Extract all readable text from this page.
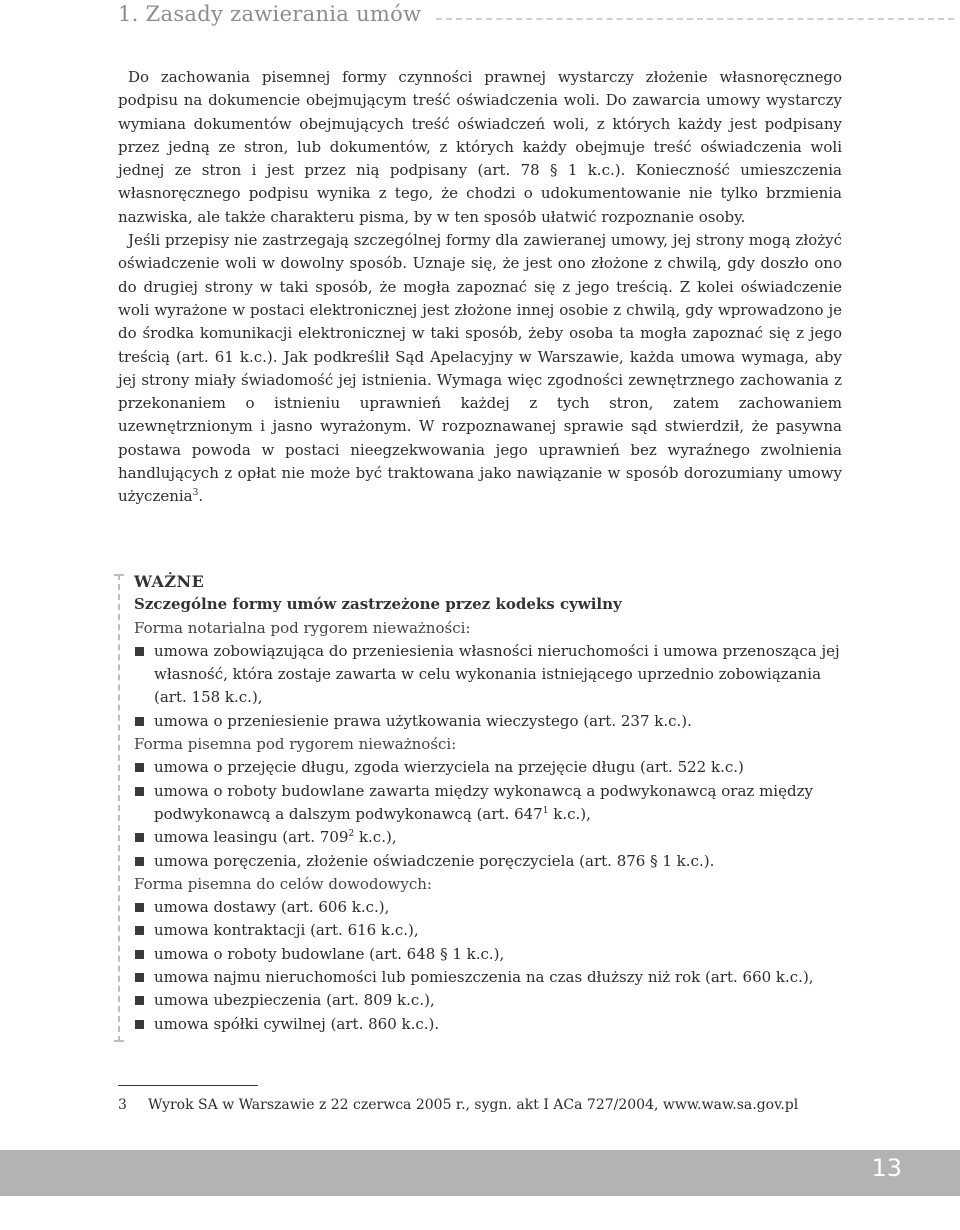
1. Zasady zawierania umów

Do zachowania pisemnej formy czynności prawnej wystarczy złożenie własnoręcznego podpisu na dokumencie obejmującym treść oświadczenia woli. Do zawarcia umowy wystarczy wymiana dokumentów obejmujących treść oświadczeń woli, z których każdy jest podpisany przez jedną ze stron, lub dokumentów, z których każdy obejmuje treść oświadczenia woli jednej ze stron i jest przez nią podpisany (art. 78 § 1 k.c.). Konieczność umieszczenia własnoręcznego podpisu wynika z tego, że chodzi o udokumentowanie nie tylko brzmienia nazwiska, ale także charakteru pisma, by w ten sposób ułatwić rozpoznanie osoby.

Jeśli przepisy nie zastrzegają szczególnej formy dla zawieranej umowy, jej strony mogą złożyć oświadczenie woli w dowolny sposób. Uznaje się, że jest ono złożone z chwilą, gdy doszło ono do drugiej strony w taki sposób, że mogła zapoznać się z jego treścią. Z kolei oświadczenie woli wyrażone w postaci elektronicznej jest złożone innej osobie z chwilą, gdy wprowadzono je do środka komunikacji elektronicznej w taki sposób, żeby osoba ta mogła zapoznać się z jego treścią (art. 61 k.c.). Jak podkreślił Sąd Apelacyjny w Warszawie, każda umowa wymaga, aby jej strony miały świadomość jej istnienia. Wymaga więc zgodności zewnętrznego zachowania z przekonaniem o istnieniu uprawnień każdej z tych stron, zatem zachowaniem uzewnętrznionym i jasno wyrażonym. W rozpoznawanej sprawie sąd stwierdził, że pasywna postawa powoda w postaci nieegzekwowania jego uprawnień bez wyraźnego zwolnienia handlujących z opłat nie może być traktowana jako nawiązanie w sposób dorozumiany umowy użyczenia$^3$.

WAŻNE
Szczególne formy umów zastrzeżone przez kodeks cywilny
Forma notarialna pod rygorem nieważności:
umowa zobowiązująca do przeniesienia własności nieruchomości i umowa przenosząca jej własność, która zostaje zawarta w celu wykonania istniejącego uprzednio zobowiązania (art. 158 k.c.),
umowa o przeniesienie prawa użytkowania wieczystego (art. 237 k.c.).
Forma pisemna pod rygorem nieważności:
umowa o przejęcie długu, zgoda wierzyciela na przejęcie długu (art. 522 k.c.)
umowa o roboty budowlane zawarta między wykonawcą a podwykonawcą oraz między podwykonawcą a dalszym podwykonawcą (art. $647^1$ k.c.),
umowa leasingu (art. $709^2$ k.c.),
umowa poręczenia, złożenie oświadczenie poręczyciela (art. 876 § 1 k.c.).
Forma pisemna do celów dowodowych:
umowa dostawy (art. 606 k.c.),
umowa kontraktacji (art. 616 k.c.),
umowa o roboty budowlane (art. 648 § 1 k.c.),
umowa najmu nieruchomości lub pomieszczenia na czas dłuższy niż rok (art. 660 k.c.),
umowa ubezpieczenia (art. 809 k.c.),
umowa spółki cywilnej (art. 860 k.c.).
3 Wyrok SA w Warszawie z 22 czerwca 2005 r., sygn. akt I ACa 727/2004, www.waw.sa.gov.pl
13
